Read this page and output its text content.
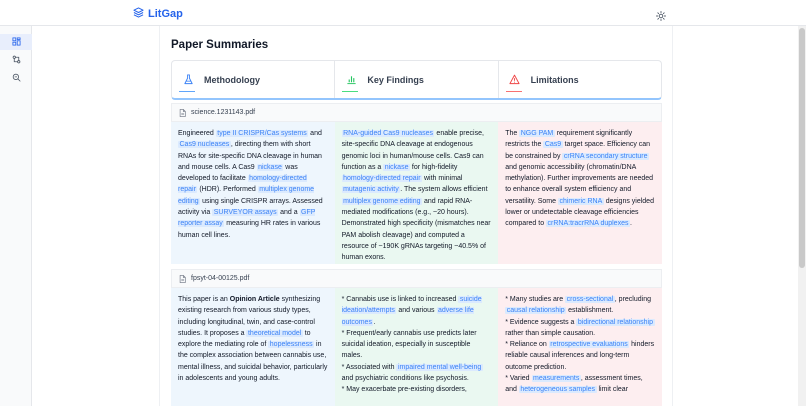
LitGap
Paper Summaries
Methodology	Key Findings	Limitations
science.1231143.pdf
Engineered type II CRISPR/Cas systems and Cas9 nucleases , directing them with short RNAs for site-specific DNA cleavage in human and mouse cells. A Cas9 nickase was developed to facilitate homology-directed repair (HDR). Performed multiplex genome editing using single CRISPR arrays. Assessed activity via SURVEYOR assays and a GFP reporter assay measuring HR rates in various human cell lines.
RNA-guided Cas9 nucleases enable precise, site-specific DNA cleavage at endogenous genomic loci in human/mouse cells. Cas9 can function as a nickase for high-fidelity homology-directed repair with minimal mutagenic activity . The system allows efficient multiplex genome editing and rapid RNA-mediated modifications (e.g., ~20 hours). Demonstrated high specificity (mismatches near PAM abolish cleavage) and computed a resource of ~190K gRNAs targeting ~40.5% of human exons.
The NGG PAM requirement significantly restricts the Cas9 target space. Efficiency can be constrained by crRNA secondary structure and genomic accessibility (chromatin/DNA methylation). Further improvements are needed to enhance overall system efficiency and versatility. Some chimeric RNA designs yielded lower or undetectable cleavage efficiencies compared to crRNA:tracrRNA duplexes .
fpsyt-04-00125.pdf
This paper is an Opinion Article synthesizing existing research from various study types, including longitudinal, twin, and case-control studies. It proposes a theoretical model to explore the mediating role of hopelessness in the complex association between cannabis use, mental illness, and suicidal behavior, particularly in adolescents and young adults.
* Cannabis use is linked to increased suicide ideation/attempts and various adverse life outcomes .
* Frequent/early cannabis use predicts later suicidal ideation, especially in susceptible males.
* Associated with impaired mental well-being and psychiatric conditions like psychosis.
* May exacerbate pre-existing disorders,
* Many studies are cross-sectional , precluding causal relationship establishment.
* Evidence suggests a bidirectional relationship rather than simple causation.
* Reliance on retrospective evaluations hinders reliable causal inferences and long-term outcome prediction.
* Varied measurements , assessment times, and heterogeneous samples limit clear
